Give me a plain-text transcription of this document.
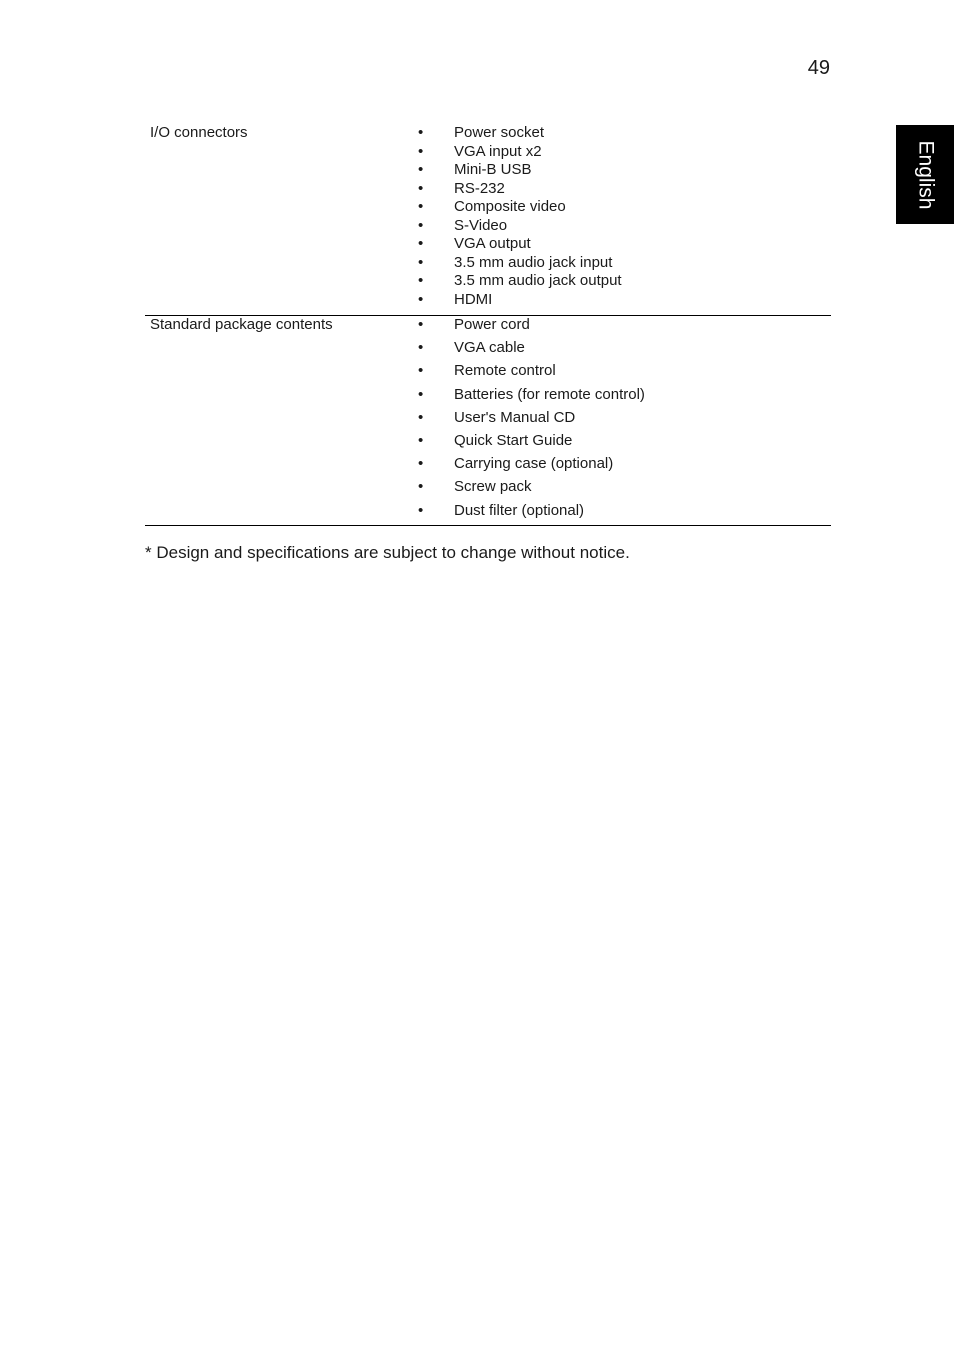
49
English
I/O connectors	•	Power socket
•	VGA input x2
•	Mini-B USB
•	RS-232
•	Composite video
•	S-Video
•	VGA output
•	3.5 mm audio jack input
•	3.5 mm audio jack output
•	HDMI
Standard package contents	•	Power cord
•	VGA cable
•	Remote control
•	Batteries (for remote control)
•	User's Manual CD
•	Quick Start Guide
•	Carrying case (optional)
•	Screw pack
•	Dust filter (optional)
* Design and specifications are subject to change without notice.
